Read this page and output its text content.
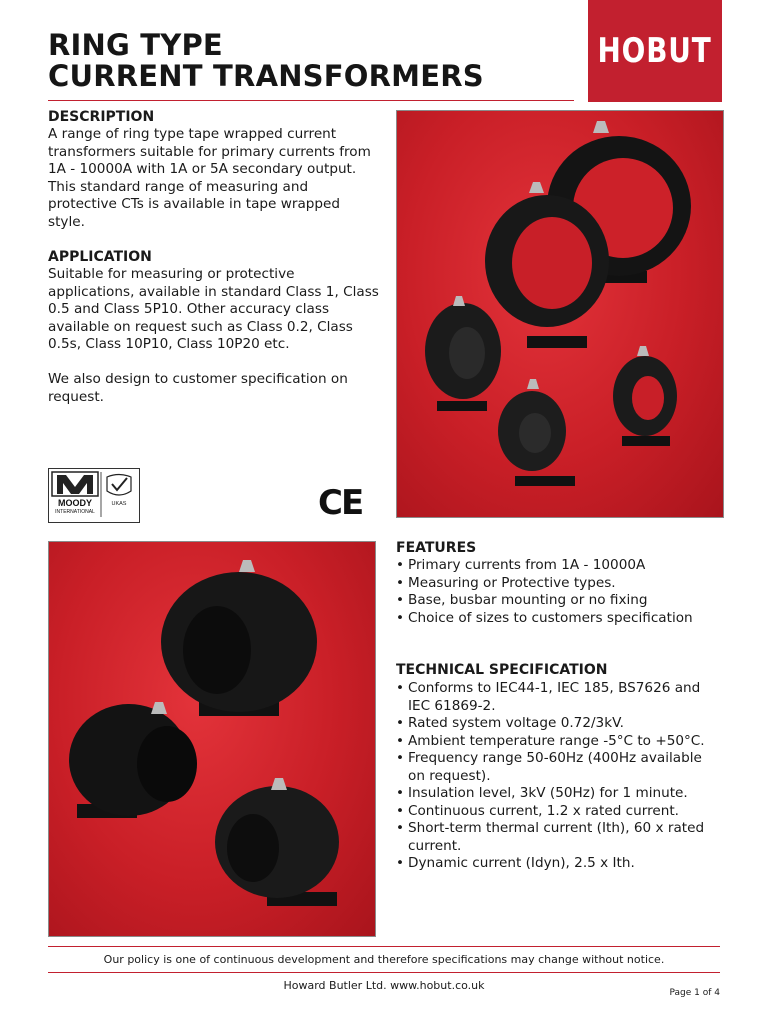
RING TYPE
CURRENT TRANSFORMERS
HOBUT
DESCRIPTION

A range of ring type tape wrapped current transformers suitable for primary currents from 1A - 10000A with 1A or 5A secondary output. This standard range of measuring and protective CTs is available in tape wrapped style.

APPLICATION

Suitable for measuring or protective applications, available in standard Class 1, Class 0.5 and Class 5P10. Other accuracy class available on request such as Class 0.2, Class 0.5s, Class 10P10, Class 10P20 etc.

We also design to customer specification on request.

UKAS
MOODY
INTERNATIONAL	CE
FEATURES
• Primary currents from 1A - 10000A
• Measuring or Protective types.
• Base, busbar mounting or no fixing
• Choice of sizes to customers specification
TECHNICAL SPECIFICATION
• Conforms to IEC44-1, IEC 185, BS7626 and IEC 61869-2.
• Rated system voltage 0.72/3kV.
• Ambient temperature range -5°C to +50°C.
• Frequency range 50-60Hz (400Hz available on request).
• Insulation level, 3kV (50Hz) for 1 minute.
• Continuous current, 1.2 x rated current.
• Short-term thermal current (Ith), 60 x rated current.
• Dynamic current (Idyn), 2.5 x Ith.
Our policy is one of continuous development and therefore specifications may change without notice.
Howard Butler Ltd. www.hobut.co.uk
Page 1 of 4
